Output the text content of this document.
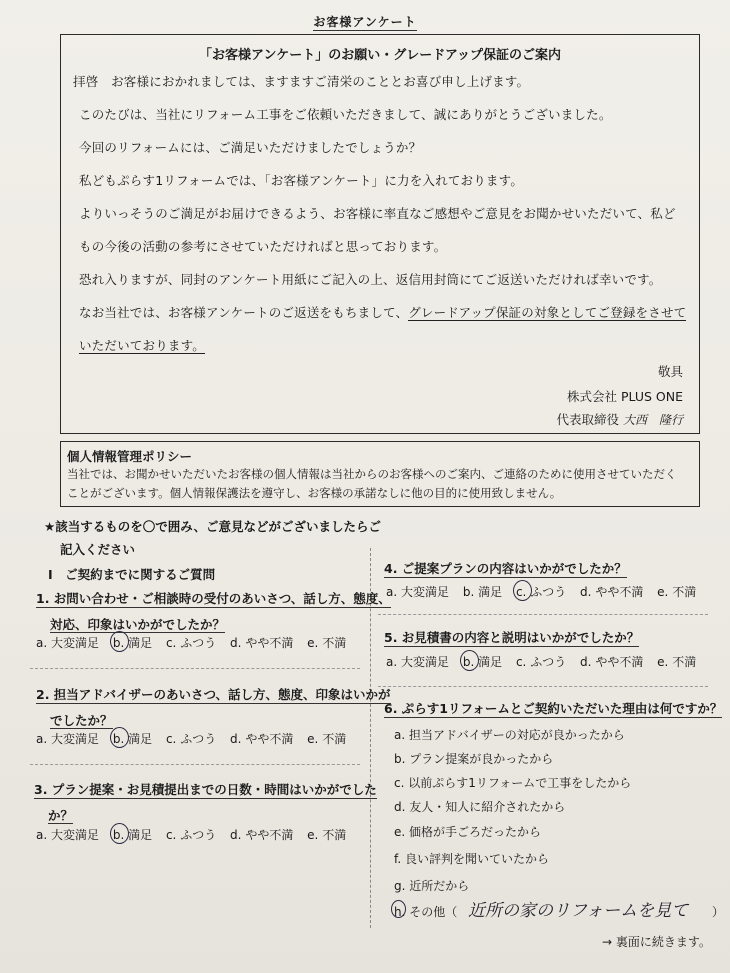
お客様アンケート
「お客様アンケート」のお願い・グレードアップ保証のご案内
拝啓　お客様におかれましては、ますますご清栄のこととお喜び申し上げます。
このたびは、当社にリフォーム工事をご依頼いただきまして、誠にありがとうございました。
今回のリフォームには、ご満足いただけましたでしょうか？
私どもぷらす1リフォームでは、「お客様アンケート」に力を入れております。
よりいっそうのご満足がお届けできるよう、お客様に率直なご感想やご意見をお聞かせいただいて、私ど
もの今後の活動の参考にさせていただければと思っております。
恐れ入りますが、同封のアンケート用紙にご記入の上、返信用封筒にてご返送いただければ幸いです。
なお当社では、お客様アンケートのご返送をもちまして、グレードアップ保証の対象としてご登録をさせて
いただいております。
敬具
株式会社 PLUS ONE
代表取締役 大西　隆行
個人情報管理ポリシー
当社では、お聞かせいただいたお客様の個人情報は当社からのお客様へのご案内、ご連絡のために使用させていただく
ことがございます。個人情報保護法を遵守し、お客様の承諾なしに他の目的に使用致しません。
★該当するものを〇で囲み、ご意見などがございましたらご
記入ください
Ⅰ　ご契約までに関するご質問
1. お問い合わせ・ご相談時の受付のあいさつ、話し方、態度、
対応、印象はいかがでしたか？
a. 大変満足 b. 満足 c. ふつう d. やや不満 e. 不満
2. 担当アドバイザーのあいさつ、話し方、態度、印象はいかが
でしたか？
a. 大変満足 b. 満足 c. ふつう d. やや不満 e. 不満
3. プラン提案・お見積提出までの日数・時間はいかがでした
か？
a. 大変満足 b. 満足 c. ふつう d. やや不満 e. 不満

4. ご提案プランの内容はいかがでしたか？
a. 大変満足 b. 満足 c. ふつう d. やや不満 e. 不満
5. お見積書の内容と説明はいかがでしたか？
a. 大変満足 b. 満足 c. ふつう d. やや不満 e. 不満
6. ぷらす1リフォームとご契約いただいた理由は何ですか？
a. 担当アドバイザーの対応が良かったから
b. プラン提案が良かったから
c. 以前ぷらす1リフォームで工事をしたから
d. 友人・知人に紹介されたから
e. 価格が手ごろだったから
f. 良い評判を聞いていたから
g. 近所だから
h. その他（ 近所の家のリフォームを見て ）
→ 裏面に続きます。
